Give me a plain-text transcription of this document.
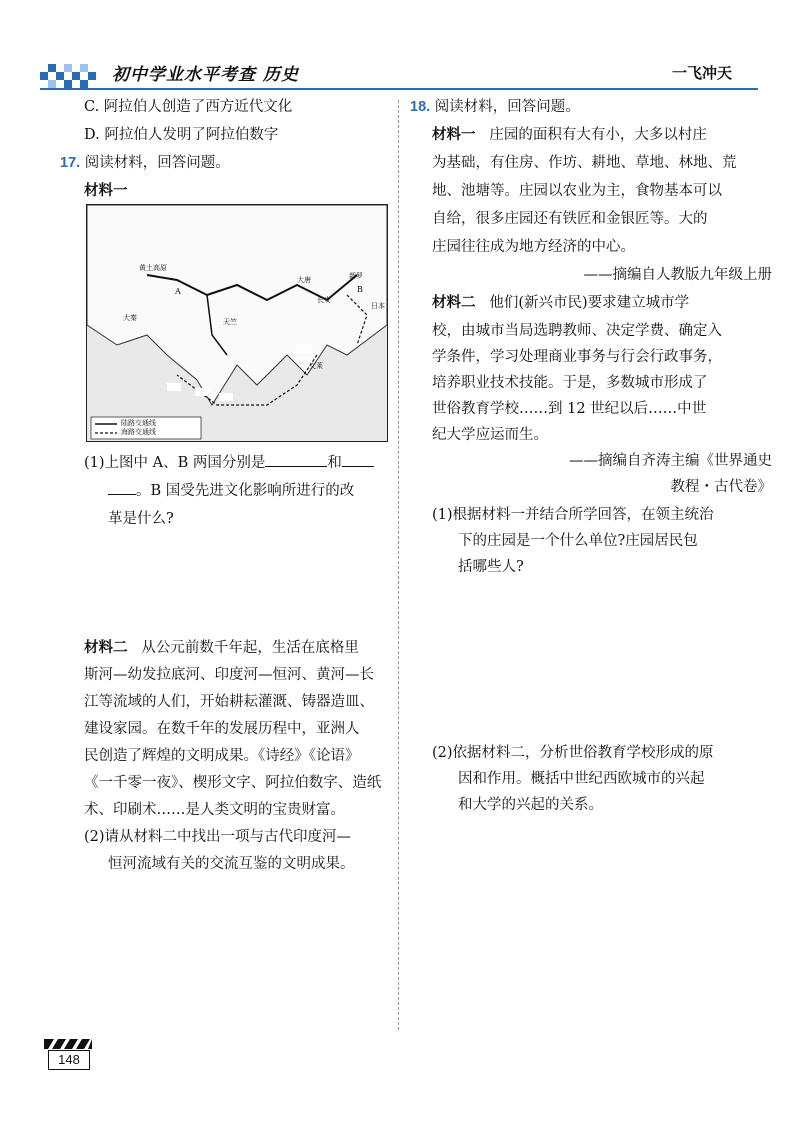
初中学业水平考查 历史	一飞冲天
C. 阿拉伯人创造了西方近代文化
D. 阿拉伯人发明了阿拉伯数字
17. 阅读材料，回答问题。
材料一
黄土高原
A	B
大秦	天竺
大唐
长安
日本
新罗
文莱
陆路交通线
海路交通线
(1)上图中 A、B 两国分别是	和
。B 国受先进文化影响所进行的改
革是什么?
材料二 从公元前数千年起，生活在底格里
斯河—幼发拉底河、印度河—恒河、黄河—长
江等流域的人们，开始耕耘灌溉、铸器造皿、
建设家园。在数千年的发展历程中，亚洲人
民创造了辉煌的文明成果。《诗经》《论语》
《一千零一夜》、楔形文字、阿拉伯数字、造纸
术、印刷术……是人类文明的宝贵财富。
(2)请从材料二中找出一项与古代印度河—
恒河流域有关的交流互鉴的文明成果。
18. 阅读材料，回答问题。
材料一 庄园的面积有大有小，大多以村庄
为基础，有住房、作坊、耕地、草地、林地、荒
地、池塘等。庄园以农业为主，食物基本可以
自给，很多庄园还有铁匠和金银匠等。大的
庄园往往成为地方经济的中心。
——摘编自人教版九年级上册
材料二 他们(新兴市民)要求建立城市学
校，由城市当局选聘教师、决定学费、确定入
学条件，学习处理商业事务与行会行政事务，
培养职业技术技能。于是，多数城市形成了
世俗教育学校……到 12 世纪以后……中世
纪大学应运而生。
——摘编自齐涛主编《世界通史
教程・古代卷》
(1)根据材料一并结合所学回答，在领主统治
下的庄园是一个什么单位?庄园居民包
括哪些人?
(2)依据材料二，分析世俗教育学校形成的原
因和作用。概括中世纪西欧城市的兴起
和大学的兴起的关系。
148
